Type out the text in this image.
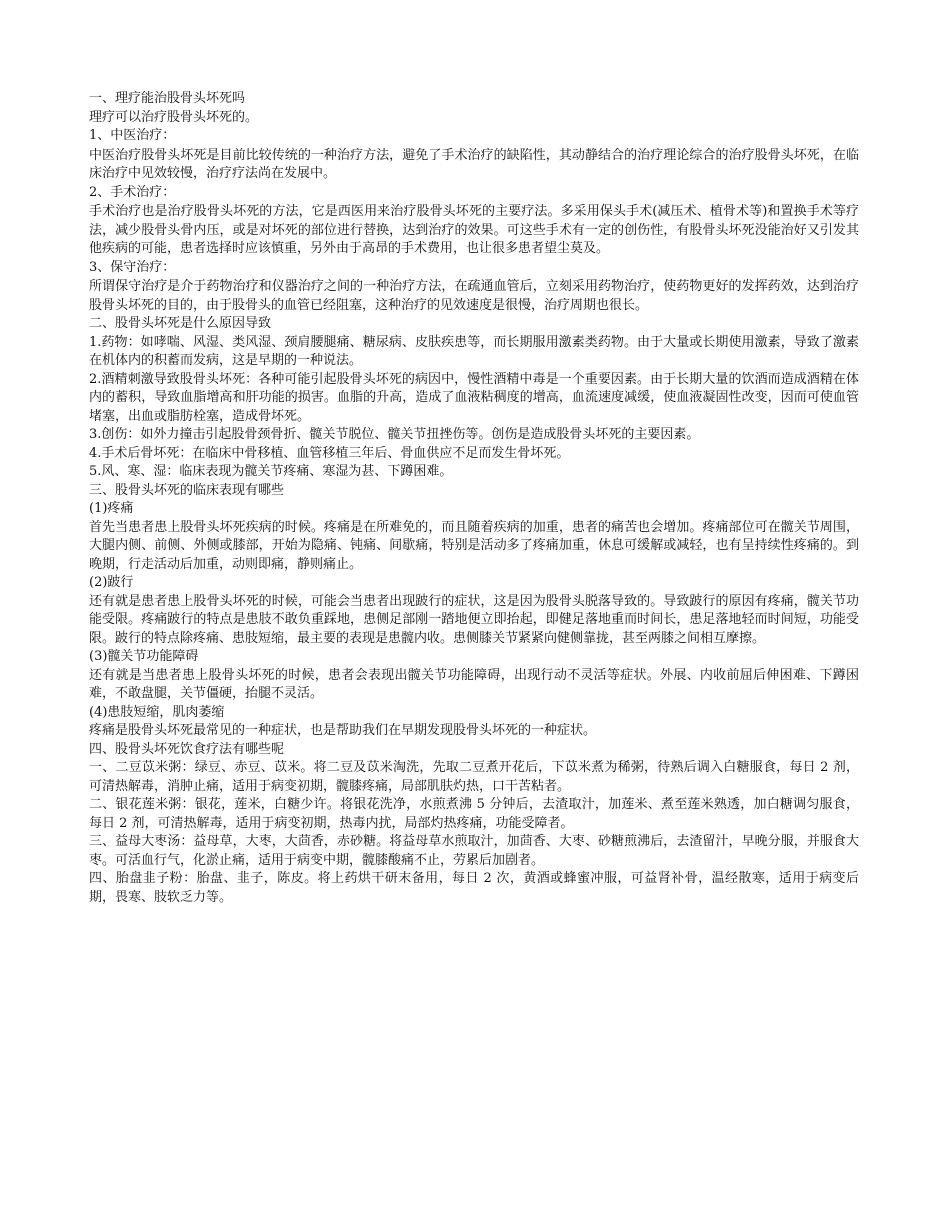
一、理疗能治股骨头坏死吗

理疗可以治疗股骨头坏死的。

1、中医治疗：

中医治疗股骨头坏死是目前比较传统的一种治疗方法，避免了手术治疗的缺陷性，其动静结合的治疗理论综合的治疗股骨头坏死，在临床治疗中见效较慢，治疗疗法尚在发展中。

2、手术治疗：

手术治疗也是治疗股骨头坏死的方法，它是西医用来治疗股骨头坏死的主要疗法。多采用保头手术(减压术、植骨术等)和置换手术等疗法，减少股骨头骨内压，或是对坏死的部位进行替换，达到治疗的效果。可这些手术有一定的创伤性，有股骨头坏死没能治好又引发其他疾病的可能，患者选择时应该慎重，另外由于高昂的手术费用，也让很多患者望尘莫及。

3、保守治疗：

所谓保守治疗是介于药物治疗和仪器治疗之间的一种治疗方法，在疏通血管后，立刻采用药物治疗，使药物更好的发挥药效，达到治疗股骨头坏死的目的，由于股骨头的血管已经阻塞，这种治疗的见效速度是很慢，治疗周期也很长。

二、股骨头坏死是什么原因导致

1.药物：如哮喘、风湿、类风湿、颈肩腰腿痛、糖尿病、皮肤疾患等，而长期服用激素类药物。由于大量或长期使用激素，导致了激素在机体内的积蓄而发病，这是早期的一种说法。

2.酒精刺激导致股骨头坏死：各种可能引起股骨头坏死的病因中，慢性酒精中毒是一个重要因素。由于长期大量的饮酒而造成酒精在体内的蓄积，导致血脂增高和肝功能的损害。血脂的升高，造成了血液粘稠度的增高，血流速度减缓，使血液凝固性改变，因而可使血管堵塞，出血或脂肪栓塞，造成骨坏死。

3.创伤：如外力撞击引起股骨颈骨折、髋关节脱位、髋关节扭挫伤等。创伤是造成股骨头坏死的主要因素。

4.手术后骨坏死：在临床中骨移植、血管移植三年后、骨血供应不足而发生骨坏死。

5.风、寒、湿：临床表现为髋关节疼痛、寒湿为甚、下蹲困难。

三、股骨头坏死的临床表现有哪些

(1)疼痛

首先当患者患上股骨头坏死疾病的时候。疼痛是在所难免的，而且随着疾病的加重，患者的痛苦也会增加。疼痛部位可在髋关节周围，大腿内侧、前侧、外侧或膝部，开始为隐痛、钝痛、间歇痛，特别是活动多了疼痛加重，休息可缓解或减轻，也有呈持续性疼痛的。到晚期，行走活动后加重，动则即痛，静则痛止。

(2)跛行

还有就是患者患上股骨头坏死的时候，可能会当患者出现跛行的症状，这是因为股骨头脱落导致的。导致跛行的原因有疼痛，髋关节功能受限。疼痛跛行的特点是患肢不敢负重踩地，患侧足部刚一踏地便立即抬起，即健足落地重而时间长，患足落地轻而时间短，功能受限。跛行的特点除疼痛、患肢短缩，最主要的表现是患髋内收。患侧膝关节紧紧向健侧靠拢，甚至两膝之间相互摩擦。

(3)髋关节功能障碍

还有就是当患者患上股骨头坏死的时候，患者会表现出髋关节功能障碍，出现行动不灵活等症状。外展、内收前屈后伸困难、下蹲困难，不敢盘腿，关节僵硬，抬腿不灵活。

(4)患肢短缩，肌肉萎缩

疼痛是股骨头坏死最常见的一种症状，也是帮助我们在早期发现股骨头坏死的一种症状。

四、股骨头坏死饮食疗法有哪些呢

一、二豆苡米粥：绿豆、赤豆、苡米。将二豆及苡米淘洗，先取二豆煮开花后，下苡米煮为稀粥，待熟后调入白糖服食，每日 2 剂，可清热解毒，消肿止痛，适用于病变初期，髋膝疼痛，局部肌肤灼热，口干苦粘者。

二、银花莲米粥：银花，莲米，白糖少许。将银花洗净，水煎煮沸 5 分钟后，去渣取汁，加莲米、煮至莲米熟透，加白糖调匀服食，每日 2 剂，可清热解毒，适用于病变初期，热毒内扰，局部灼热疼痛，功能受障者。

三、益母大枣汤：益母草，大枣，大茴香，赤砂糖。将益母草水煎取汁，加茴香、大枣、砂糖煎沸后，去渣留汁，早晚分服，并服食大枣。可活血行气，化淤止痛，适用于病变中期，髋膝酸痛不止，劳累后加剧者。

四、胎盘韭子粉：胎盘、韭子，陈皮。将上药烘干研末备用，每日 2 次，黄酒或蜂蜜冲服，可益肾补骨，温经散寒，适用于病变后期，畏寒、肢软乏力等。
